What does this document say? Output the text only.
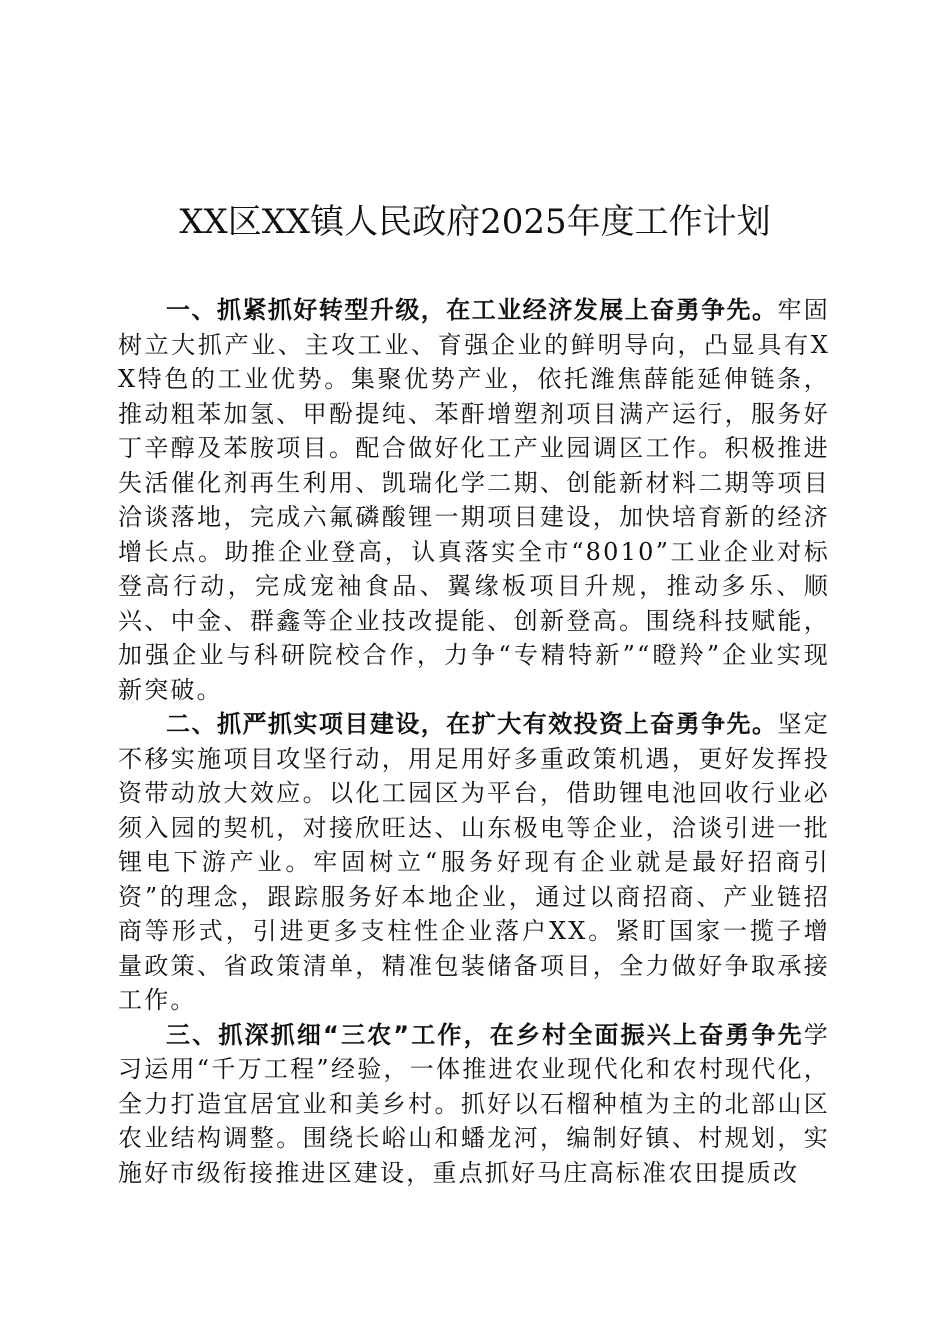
XX区XX镇人民政府2025年度工作计划

一、抓紧抓好转型升级，在工业经济发展上奋勇争先。牢固树立大抓产业、主攻工业、育强企业的鲜明导向，凸显具有XX特色的工业优势。集聚优势产业，依托潍焦薛能延伸链条，推动粗苯加氢、甲酚提纯、苯酐增塑剂项目满产运行，服务好丁辛醇及苯胺项目。配合做好化工产业园调区工作。积极推进失活催化剂再生利用、凯瑞化学二期、创能新材料二期等项目洽谈落地，完成六氟磷酸锂一期项目建设，加快培育新的经济增长点。助推企业登高，认真落实全市“8010”工业企业对标登高行动，完成宠袖食品、翼缘板项目升规，推动多乐、顺兴、中金、群鑫等企业技改提能、创新登高。围绕科技赋能，加强企业与科研院校合作，力争“专精特新”“瞪羚”企业实现新突破。

二、抓严抓实项目建设，在扩大有效投资上奋勇争先。坚定不移实施项目攻坚行动，用足用好多重政策机遇，更好发挥投资带动放大效应。以化工园区为平台，借助锂电池回收行业必须入园的契机，对接欣旺达、山东极电等企业，洽谈引进一批锂电下游产业。牢固树立“服务好现有企业就是最好招商引资”的理念，跟踪服务好本地企业，通过以商招商、产业链招商等形式，引进更多支柱性企业落户XX。紧盯国家一揽子增量政策、省政策清单，精准包装储备项目，全力做好争取承接工作。

三、抓深抓细“三农”工作，在乡村全面振兴上奋勇争先学习运用“千万工程”经验，一体推进农业现代化和农村现代化，全力打造宜居宜业和美乡村。抓好以石榴种植为主的北部山区农业结构调整。围绕长峪山和蟠龙河，编制好镇、村规划，实施好市级衔接推进区建设，重点抓好马庄高标准农田提质改
